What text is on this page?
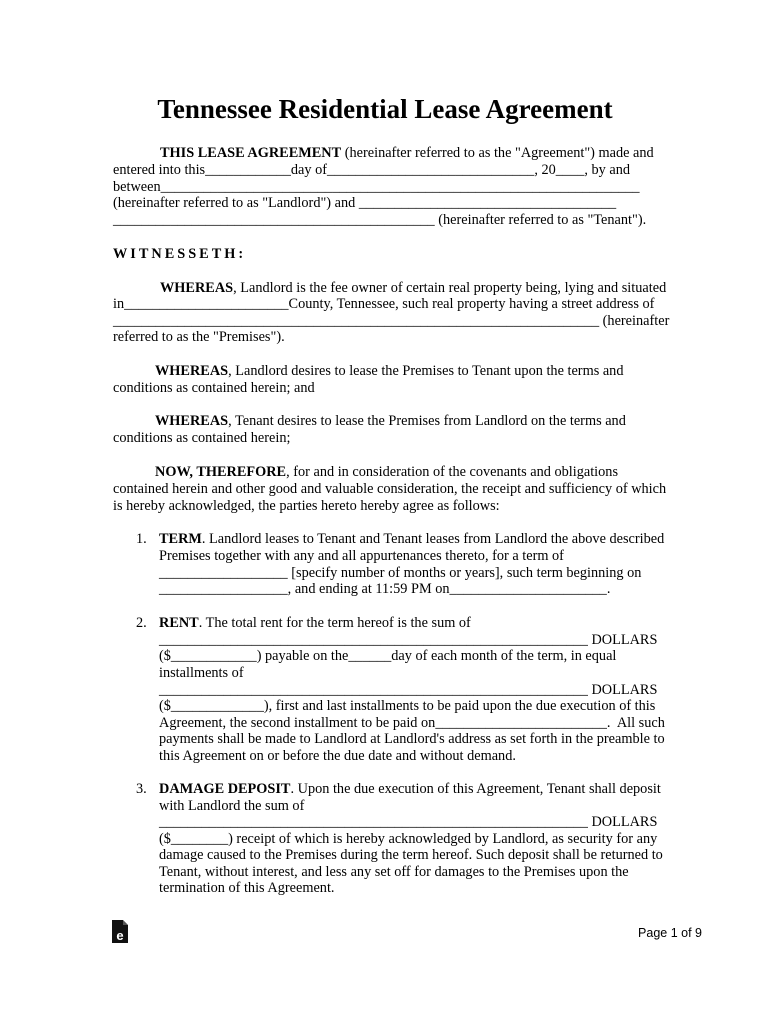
Tennessee Residential Lease Agreement
THIS LEASE AGREEMENT (hereinafter referred to as the "Agreement") made and
entered into this____________day of_____________________________, 20____, by and
between___________________________________________________________________
(hereinafter referred to as "Landlord") and ____________________________________
_____________________________________________ (hereinafter referred to as "Tenant").
WITNESSETH:
WHEREAS, Landlord is the fee owner of certain real property being, lying and situated
in_______________________County, Tennessee, such real property having a street address of
____________________________________________________________________ (hereinafter
referred to as the "Premises").
WHEREAS, Landlord desires to lease the Premises to Tenant upon the terms and
conditions as contained herein; and
WHEREAS, Tenant desires to lease the Premises from Landlord on the terms and
conditions as contained herein;
NOW, THEREFORE, for and in consideration of the covenants and obligations
contained herein and other good and valuable consideration, the receipt and sufficiency of which
is hereby acknowledged, the parties hereto hereby agree as follows:
1. TERM. Landlord leases to Tenant and Tenant leases from Landlord the above described
Premises together with any and all appurtenances thereto, for a term of
__________________ [specify number of months or years], such term beginning on
__________________, and ending at 11:59 PM on______________________.
2. RENT. The total rent for the term hereof is the sum of
____________________________________________________________ DOLLARS
($____________) payable on the______day of each month of the term, in equal
installments of
____________________________________________________________ DOLLARS
($_____________), first and last installments to be paid upon the due execution of this
Agreement, the second installment to be paid on________________________.  All such
payments shall be made to Landlord at Landlord's address as set forth in the preamble to
this Agreement on or before the due date and without demand.
3. DAMAGE DEPOSIT. Upon the due execution of this Agreement, Tenant shall deposit
with Landlord the sum of
____________________________________________________________ DOLLARS
($________) receipt of which is hereby acknowledged by Landlord, as security for any
damage caused to the Premises during the term hereof. Such deposit shall be returned to
Tenant, without interest, and less any set off for damages to the Premises upon the
termination of this Agreement.
e	Page 1 of 9
